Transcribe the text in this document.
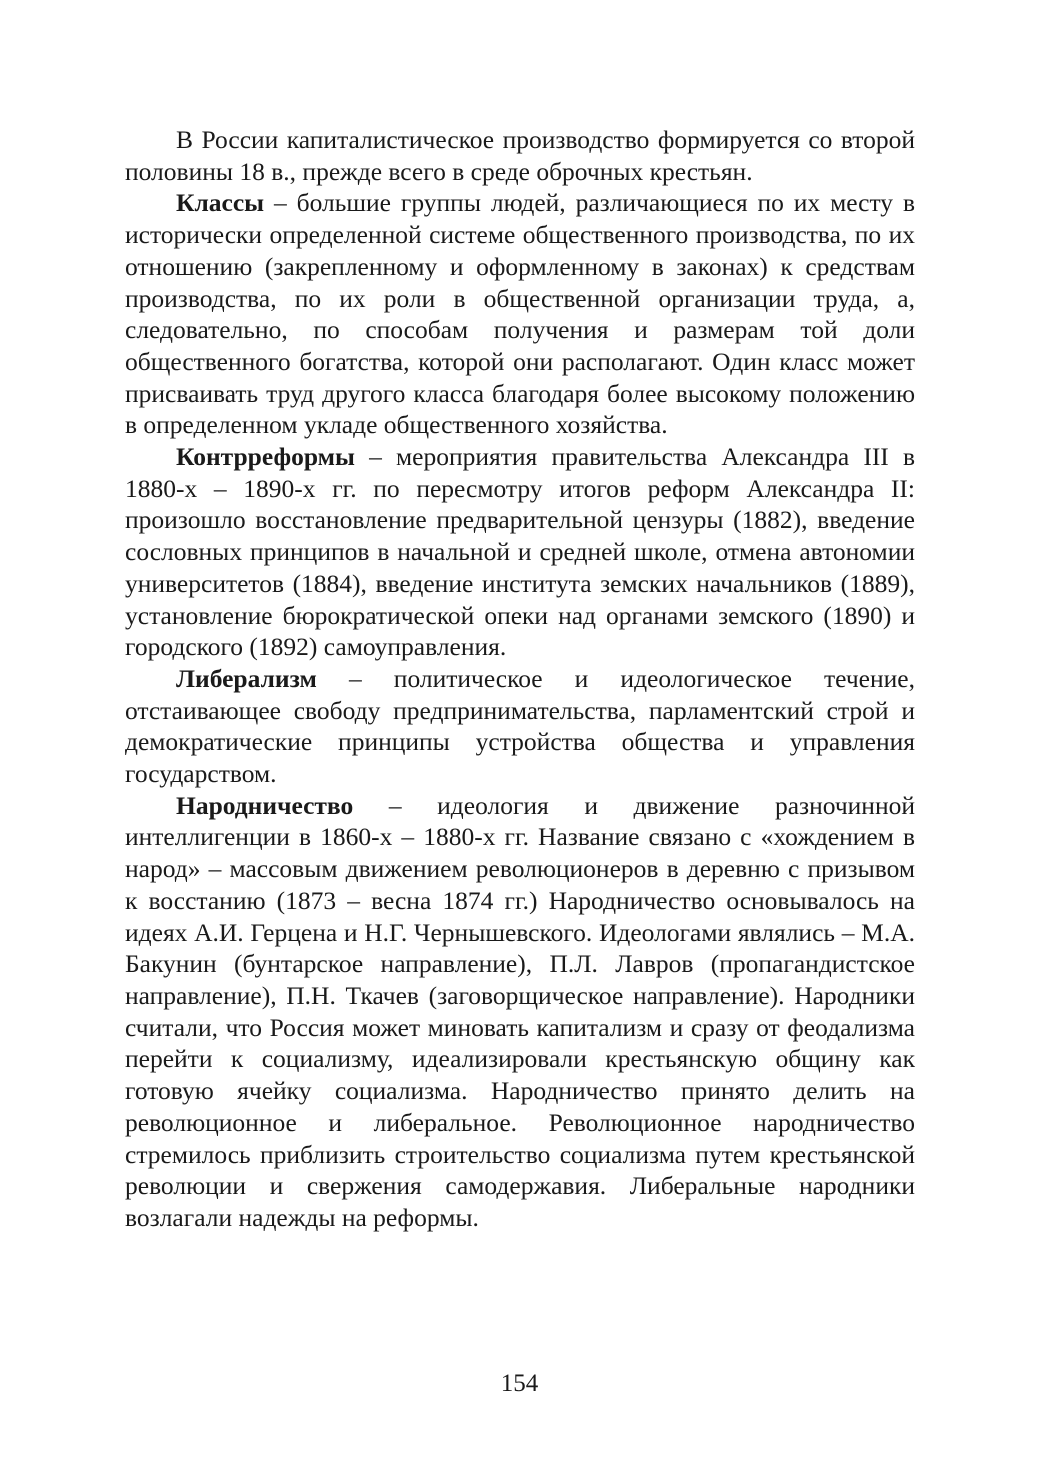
В России капиталистическое производство формируется со второй половины 18 в., прежде всего в среде оброчных крестьян.

Классы – большие группы людей, различающиеся по их месту в исторически определенной системе общественного производства, по их отношению (закрепленному и оформленному в законах) к средствам производства, по их роли в общественной организации труда, а, следовательно, по способам получения и размерам той доли общественного богатства, которой они располагают. Один класс может присваивать труд другого класса благодаря более высокому положению в определенном укладе общественного хозяйства.

Контрреформы – мероприятия правительства Александра III в 1880-х – 1890-х гг. по пересмотру итогов реформ Александра II: произошло восстановление предварительной цензуры (1882), введение сословных принципов в начальной и средней школе, отмена автономии университетов (1884), введение института земских начальников (1889), установление бюрократической опеки над органами земского (1890) и городского (1892) самоуправления.

Либерализм – политическое и идеологическое течение, отстаивающее свободу предпринимательства, парламентский строй и демократические принципы устройства общества и управления государством.

Народничество – идеология и движение разночинной интеллигенции в 1860-х – 1880-х гг. Название связано с «хождением в народ» – массовым движением революционеров в деревню с призывом к восстанию (1873 – весна 1874 гг.) Народничество основывалось на идеях А.И. Герцена и Н.Г. Чернышевского. Идеологами являлись – М.А. Бакунин (бунтарское направление), П.Л. Лавров (пропагандистское направление), П.Н. Ткачев (заговорщическое направление). Народники считали, что Россия может миновать капитализм и сразу от феодализма перейти к социализму, идеализировали крестьянскую общину как готовую ячейку социализма. Народничество принято делить на революционное и либеральное. Революционное народничество стремилось приблизить строительство социализма путем крестьянской революции и свержения самодержавия. Либеральные народники возлагали надежды на реформы.

154
